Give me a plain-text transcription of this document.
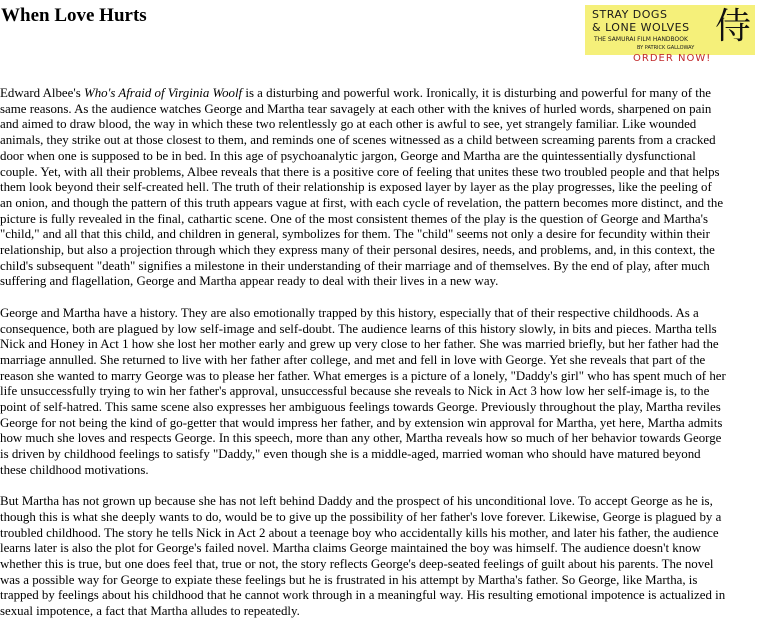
When Love Hurts	STRAY DOGS
& LONE WOLVES
THE SAMURAI FILM HANDBOOK
BY PATRICK GALLOWAY
侍
ORDER NOW!

Edward Albee's Who's Afraid of Virginia Woolf is a disturbing and powerful work. Ironically, it is disturbing and powerful for many of the same reasons. As the audience watches George and Martha tear savagely at each other with the knives of hurled words, sharpened on pain and aimed to draw blood, the way in which these two relentlessly go at each other is awful to see, yet strangely familiar. Like wounded animals, they strike out at those closest to them, and reminds one of scenes witnessed as a child between screaming parents from a cracked door when one is supposed to be in bed. In this age of psychoanalytic jargon, George and Martha are the quintessentially dysfunctional couple. Yet, with all their problems, Albee reveals that there is a positive core of feeling that unites these two troubled people and that helps them look beyond their self-created hell. The truth of their relationship is exposed layer by layer as the play progresses, like the peeling of an onion, and though the pattern of this truth appears vague at first, with each cycle of revelation, the pattern becomes more distinct, and the picture is fully revealed in the final, cathartic scene. One of the most consistent themes of the play is the question of George and Martha's "child," and all that this child, and children in general, symbolizes for them. The "child" seems not only a desire for fecundity within their relationship, but also a projection through which they express many of their personal desires, needs, and problems, and, in this context, the child's subsequent "death" signifies a milestone in their understanding of their marriage and of themselves. By the end of play, after much suffering and flagellation, George and Martha appear ready to deal with their lives in a new way.

George and Martha have a history. They are also emotionally trapped by this history, especially that of their respective childhoods. As a consequence, both are plagued by low self-image and self-doubt. The audience learns of this history slowly, in bits and pieces. Martha tells Nick and Honey in Act 1 how she lost her mother early and grew up very close to her father. She was married briefly, but her father had the marriage annulled. She returned to live with her father after college, and met and fell in love with George. Yet she reveals that part of the reason she wanted to marry George was to please her father. What emerges is a picture of a lonely, "Daddy's girl" who has spent much of her life unsuccessfully trying to win her father's approval, unsuccessful because she reveals to Nick in Act 3 how low her self-image is, to the point of self-hatred. This same scene also expresses her ambiguous feelings towards George. Previously throughout the play, Martha reviles George for not being the kind of go-getter that would impress her father, and by extension win approval for Martha, yet here, Martha admits how much she loves and respects George. In this speech, more than any other, Martha reveals how so much of her behavior towards George is driven by childhood feelings to satisfy "Daddy," even though she is a middle-aged, married woman who should have matured beyond these childhood motivations.

But Martha has not grown up because she has not left behind Daddy and the prospect of his unconditional love. To accept George as he is, though this is what she deeply wants to do, would be to give up the possibility of her father's love forever. Likewise, George is plagued by a troubled childhood. The story he tells Nick in Act 2 about a teenage boy who accidentally kills his mother, and later his father, the audience learns later is also the plot for George's failed novel. Martha claims George maintained the boy was himself. The audience doesn't know whether this is true, but one does feel that, true or not, the story reflects George's deep-seated feelings of guilt about his parents. The novel was a possible way for George to expiate these feelings but he is frustrated in his attempt by Martha's father. So George, like Martha, is trapped by feelings about his childhood that he cannot work through in a meaningful way. His resulting emotional impotence is actualized in sexual impotence, a fact that Martha alludes to repeatedly.
